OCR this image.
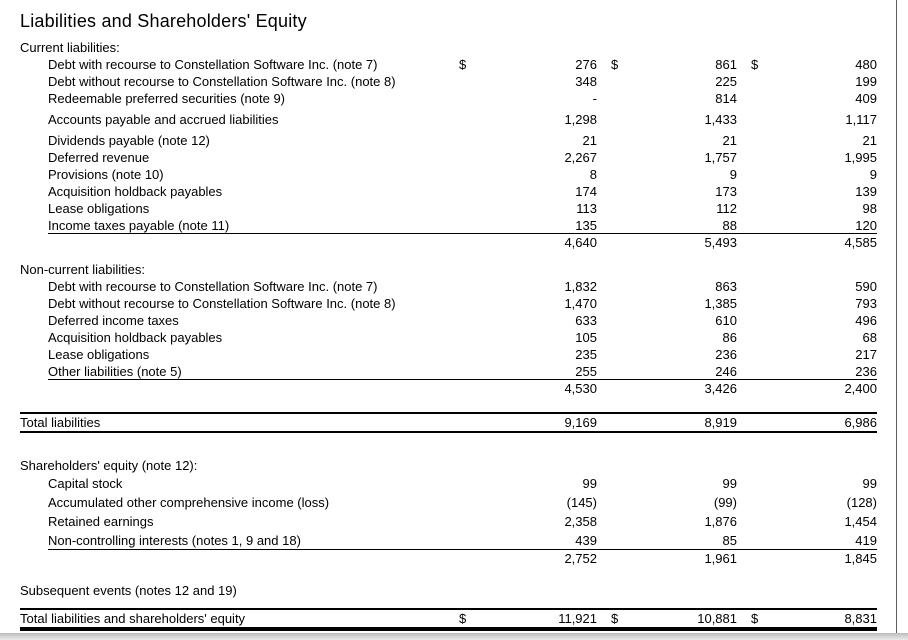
Liabilities and Shareholders' Equity
Current liabilities:
Debt with recourse to Constellation Software Inc. (note 7)	$	276	$	861	$	480
Debt without recourse to Constellation Software Inc. (note 8)	348	225	199
Redeemable preferred securities (note 9)	-	814	409
Accounts payable and accrued liabilities	1,298	1,433	1,117
Dividends payable (note 12)	21	21	21
Deferred revenue	2,267	1,757	1,995
Provisions (note 10)	8	9	9
Acquisition holdback payables	174	173	139
Lease obligations	113	112	98
Income taxes payable (note 11)	135	88	120
4,640	5,493	4,585
Non-current liabilities:
Debt with recourse to Constellation Software Inc. (note 7)	1,832	863	590
Debt without recourse to Constellation Software Inc. (note 8)	1,470	1,385	793
Deferred income taxes	633	610	496
Acquisition holdback payables	105	86	68
Lease obligations	235	236	217
Other liabilities (note 5)	255	246	236
4,530	3,426	2,400
Total liabilities	9,169	8,919	6,986
Shareholders' equity (note 12):
Capital stock	99	99	99
Accumulated other comprehensive income (loss)	(145)	(99)	(128)
Retained earnings	2,358	1,876	1,454
Non-controlling interests (notes 1, 9 and 18)	439	85	419
2,752	1,961	1,845
Subsequent events (notes 12 and 19)
Total liabilities and shareholders' equity	$	11,921	$	10,881	$	8,831
